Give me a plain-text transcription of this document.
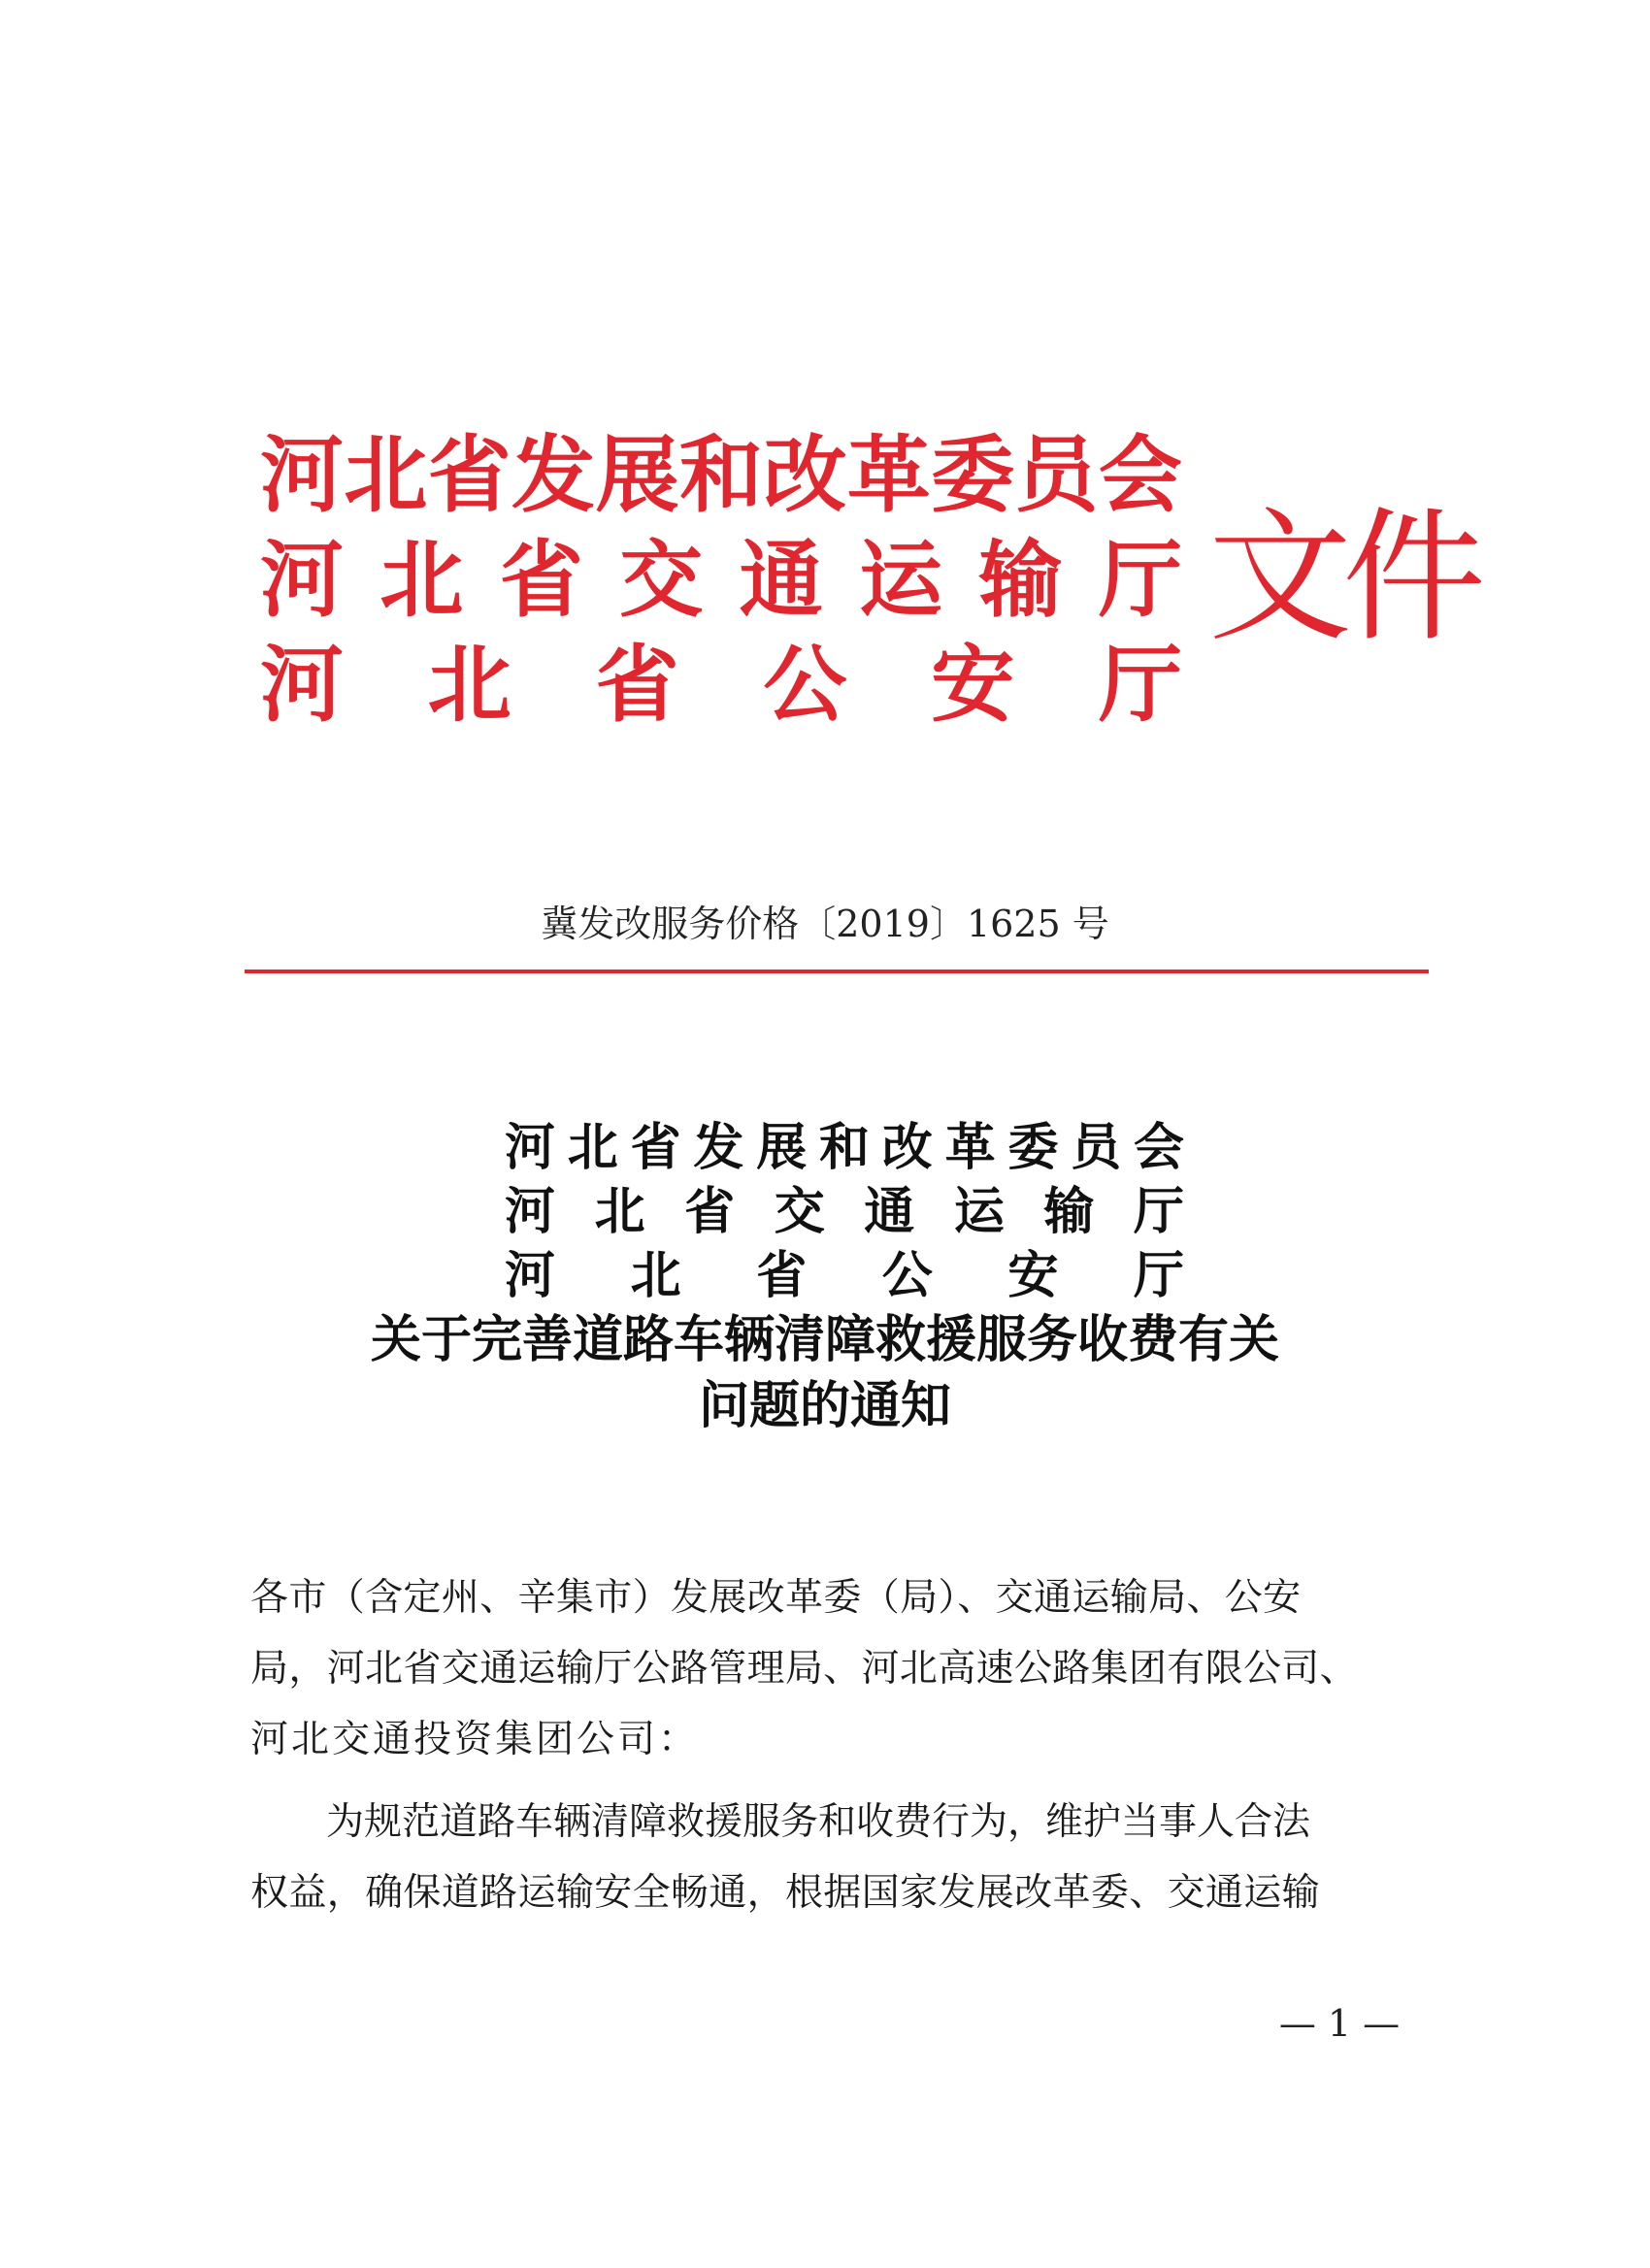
河 北 省 发 展 和 改 革 委 员 会
河 北 省 交 通 运 输 厅
河 北 省 公 安 厅
文件
冀发改服务价格〔2019〕1625 号
河 北 省 发 展 和 改 革 委 员 会
河 北 省 交 通 运 输 厅
河 北 省 公 安 厅
关于完善道路车辆清障救援服务收费有关
问题的通知
各市（含定州、辛集市）发展改革委（局）、交通运输局、公安
局，河北省交通运输厅公路管理局、河北高速公路集团有限公司、
河北交通投资集团公司：
为规范道路车辆清障救援服务和收费行为，维护当事人合法
权益，确保道路运输安全畅通，根据国家发展改革委、交通运输
— 1 —
